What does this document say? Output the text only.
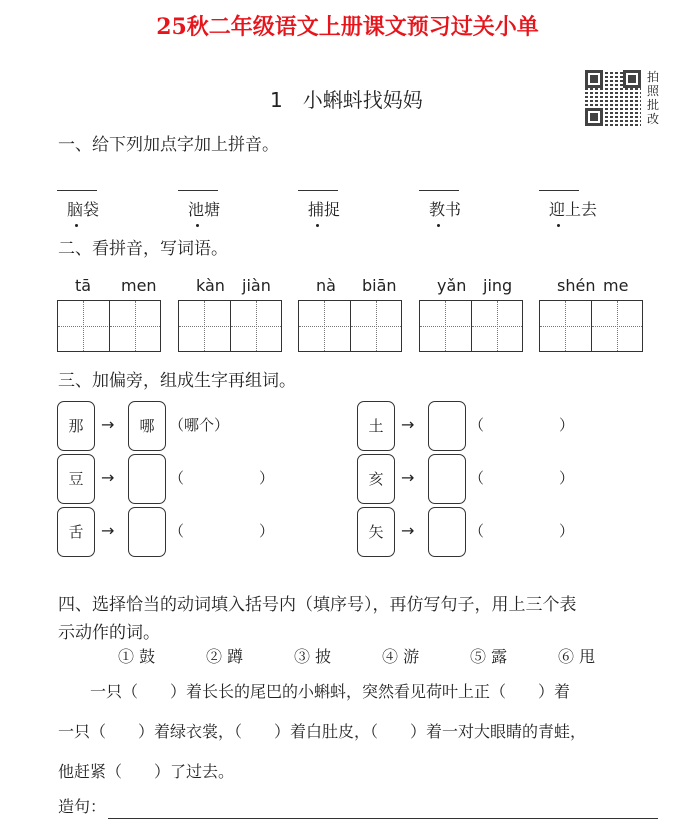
25秋二年级语文上册课文预习过关小单
1　小蝌蚪找妈妈
拍照批改
一、给下列加点字加上拼音。
二、看拼音，写词语。
三、加偏旁，组成生字再组词。
四、选择恰当的动词填入括号内（填序号），再仿写句子，用上三个表
示动作的词。
　　一只（　　）着长长的尾巴的小蝌蚪，突然看见荷叶上正（　　）着
一只（　　）着绿衣裳，（　　）着白肚皮，（　　）着一对大眼睛的青蛙，
他赶紧（　　）了过去。
造句：
脑袋	池塘	捕捉	教书	迎上去
tā men kàn jiàn	nà biān	yǎn jing	shén me
那	→	哪 （哪个）	土	→	（　　　　　）
豆	→	（　　　　　）	亥	→	（　　　　　）
舌	→	（　　　　　）	矢	→	（　　　　　）
① 鼓	② 蹲	③ 披	④ 游	⑤ 露	⑥ 甩
